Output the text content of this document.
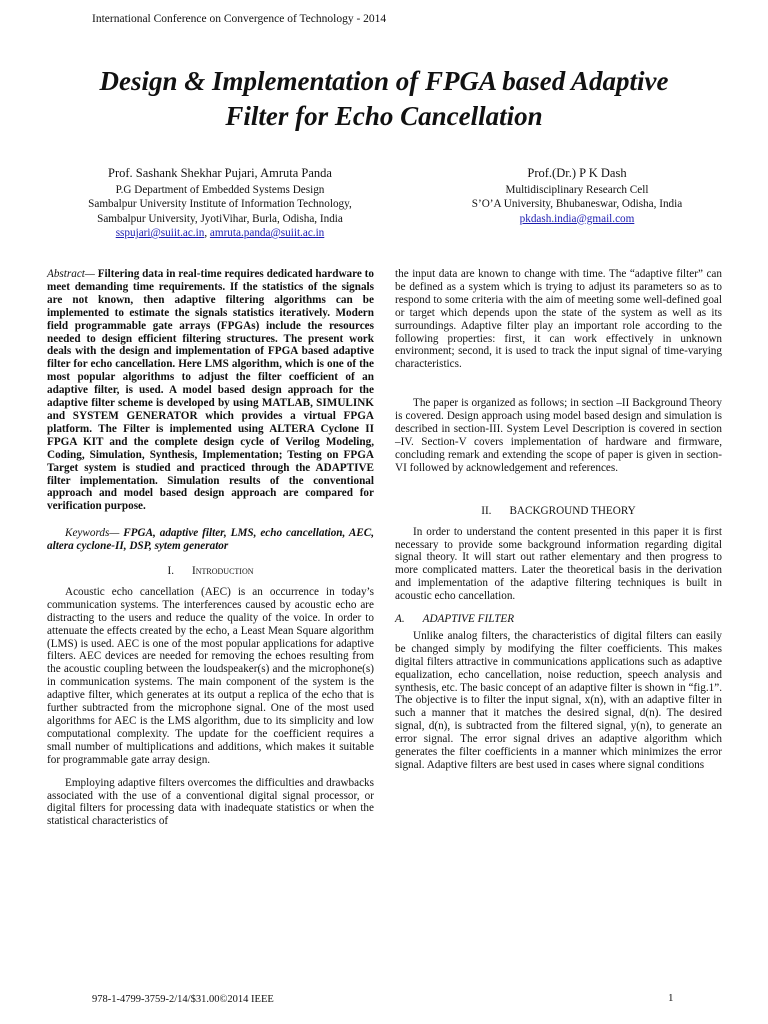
International Conference on Convergence of Technology - 2014
Design & Implementation of FPGA based Adaptive
Filter for Echo Cancellation
Prof. Sashank Shekhar Pujari, Amruta Panda
P.G Department of Embedded Systems Design
Sambalpur University Institute of Information Technology,
Sambalpur University, JyotiVihar, Burla, Odisha, India
sspujari@suiit.ac.in, amruta.panda@suiit.ac.in
Prof.(Dr.) P K Dash
Multidisciplinary Research Cell
S’O’A University, Bhubaneswar, Odisha, India
pkdash.india@gmail.com

Abstract— Filtering data in real-time requires dedicated hardware to meet demanding time requirements. If the statistics of the signals are not known, then adaptive filtering algorithms can be implemented to estimate the signals statistics iteratively. Modern field programmable gate arrays (FPGAs) include the resources needed to design efficient filtering structures. The present work deals with the design and implementation of FPGA based adaptive filter for echo cancellation. Here LMS algorithm, which is one of the most popular algorithms to adjust the filter coefficient of an adaptive filter, is used. A model based design approach for the adaptive filter scheme is developed by using MATLAB, SIMULINK and SYSTEM GENERATOR which provides a virtual FPGA platform. The Filter is implemented using ALTERA Cyclone II FPGA KIT and the complete design cycle of Verilog Modeling, Coding, Simulation, Synthesis, Implementation; Testing on FPGA Target system is studied and practiced through the ADAPTIVE filter implementation. Simulation results of the conventional approach and model based design approach are compared for verification purpose.

Keywords— FPGA, adaptive filter, LMS, echo cancellation, AEC, altera cyclone-II, DSP, sytem generator

I. Introduction

Acoustic echo cancellation (AEC) is an occurrence in today’s communication systems. The interferences caused by acoustic echo are distracting to the users and reduce the quality of the voice. In order to attenuate the effects created by the echo, a Least Mean Square algorithm (LMS) is used. AEC is one of the most popular applications for adaptive filters. AEC devices are needed for removing the echoes resulting from the acoustic coupling between the loudspeaker(s) and the microphone(s) in communication systems. The main component of the system is the adaptive filter, which generates at its output a replica of the echo that is further subtracted from the microphone signal. One of the most used algorithms for AEC is the LMS algorithm, due to its simplicity and low computational complexity. The update for the coefficient requires a small number of multiplications and additions, which makes it suitable for programmable gate array design.

Employing adaptive filters overcomes the difficulties and drawbacks associated with the use of a conventional digital signal processor, or digital filters for processing data with inadequate statistics or when the statistical characteristics of

the input data are known to change with time. The “adaptive filter” can be defined as a system which is trying to adjust its parameters so as to respond to some criteria with the aim of meeting some well-defined goal or target which depends upon the state of the system as well as its surroundings. Adaptive filter play an important role according to the following properties: first, it can work effectively in unknown environment; second, it is used to track the input signal of time-varying characteristics.

The paper is organized as follows; in section –II Background Theory is covered. Design approach using model based design and simulation is described in section-III. System Level Description is covered in section –IV. Section-V covers implementation of hardware and firmware, concluding remark and extending the scope of paper is given in section-VI followed by acknowledgement and references.

II. BACKGROUND THEORY

In order to understand the content presented in this paper it is first necessary to provide some background information regarding digital signal theory. It will start out rather elementary and then progress to more complicated matters. Later the theoretical basis in the derivation and implementation of the adaptive filtering techniques is built in acoustic echo cancellation.

A. ADAPTIVE FILTER

Unlike analog filters, the characteristics of digital filters can easily be changed simply by modifying the filter coefficients. This makes digital filters attractive in communications applications such as adaptive equalization, echo cancellation, noise reduction, speech analysis and synthesis, etc. The basic concept of an adaptive filter is shown in “fig.1”. The objective is to filter the input signal, x(n), with an adaptive filter in such a manner that it matches the desired signal, d(n). The desired signal, d(n), is subtracted from the filtered signal, y(n), to generate an error signal. The error signal drives an adaptive algorithm which generates the filter coefficients in a manner which minimizes the error signal. Adaptive filters are best used in cases where signal conditions

978-1-4799-3759-2/14/$31.00©2014 IEEE	1
